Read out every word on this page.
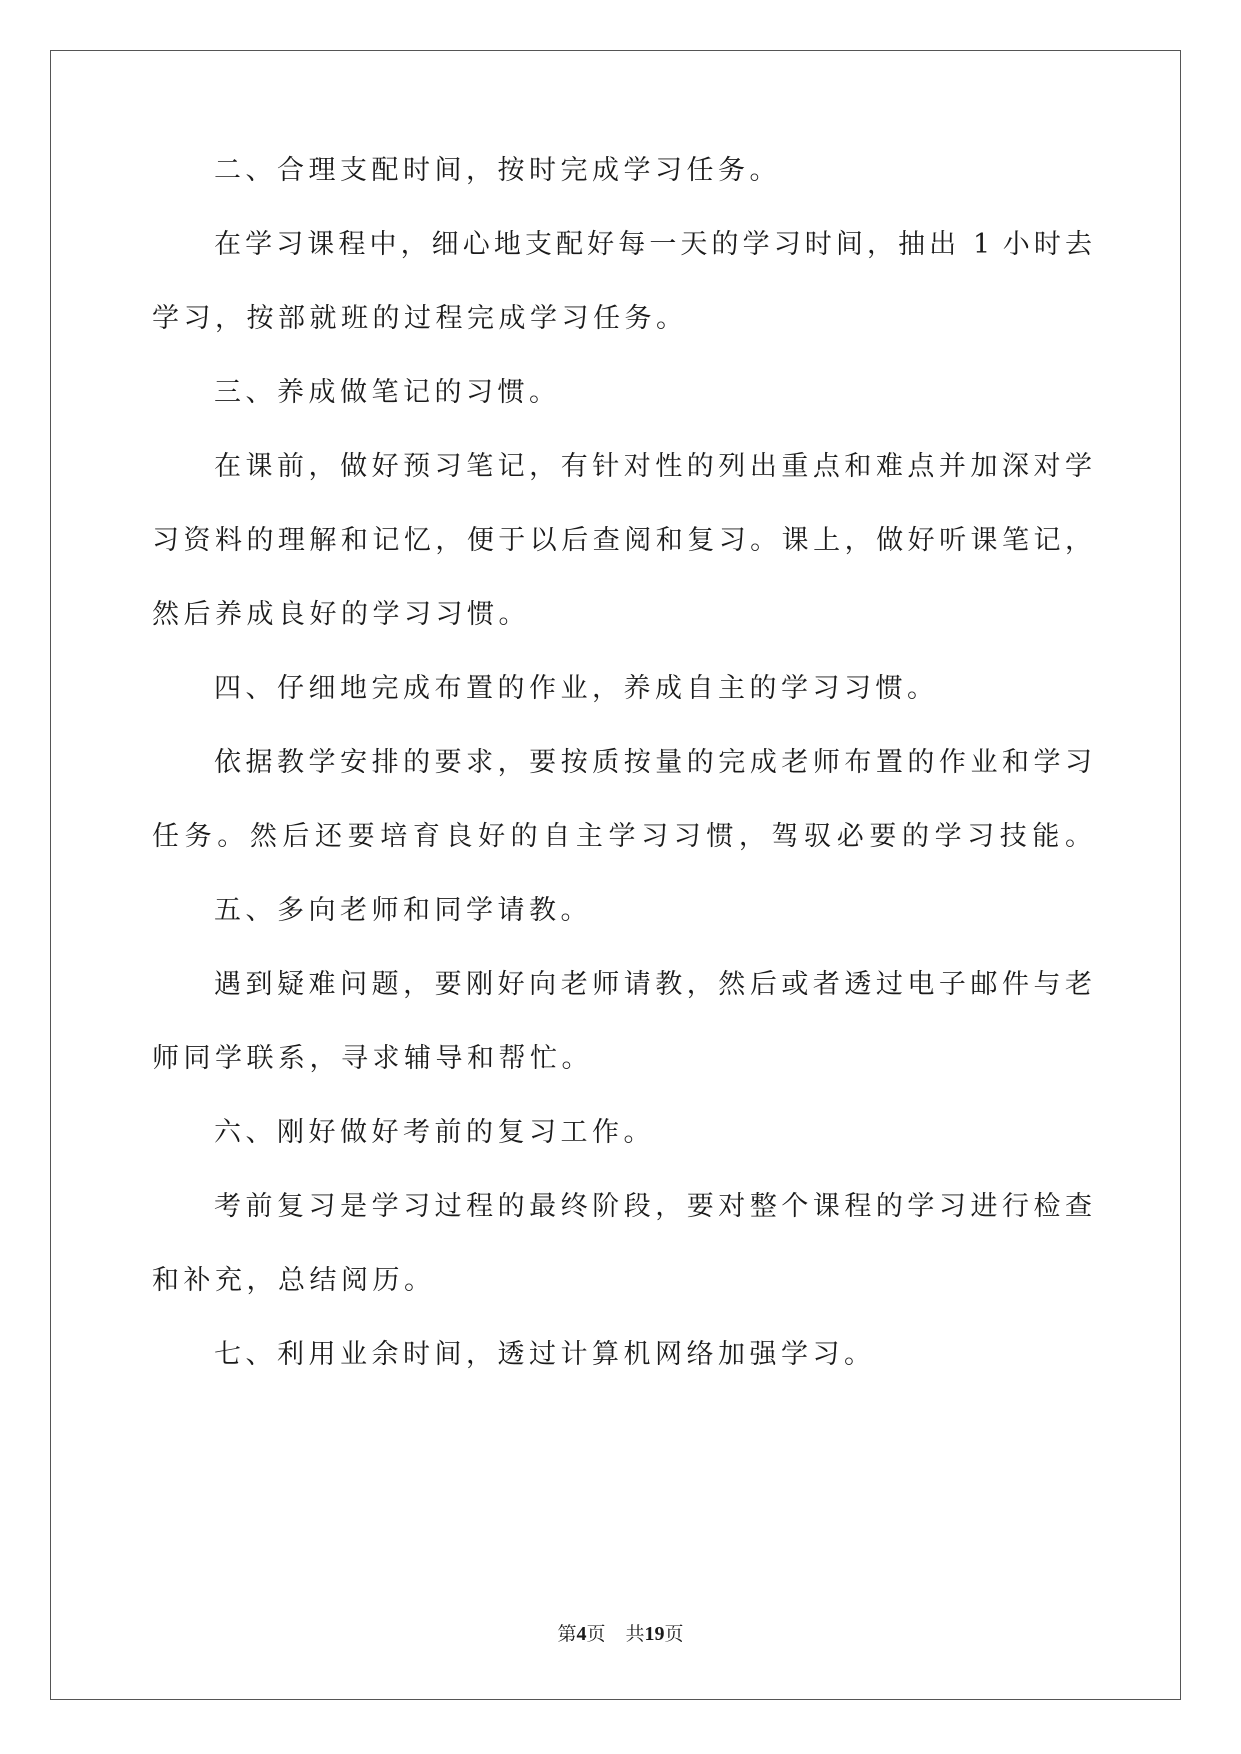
二、合理支配时间，按时完成学习任务。
在学习课程中，细心地支配好每一天的学习时间，抽出 1 小时去
学习，按部就班的过程完成学习任务。
三、养成做笔记的习惯。
在课前，做好预习笔记，有针对性的列出重点和难点并加深对学
习资料的理解和记忆，便于以后查阅和复习。课上，做好听课笔记，
然后养成良好的学习习惯。
四、仔细地完成布置的作业，养成自主的学习习惯。
依据教学安排的要求，要按质按量的完成老师布置的作业和学习
任务。然后还要培育良好的自主学习习惯，驾驭必要的学习技能。
五、多向老师和同学请教。
遇到疑难问题，要刚好向老师请教，然后或者透过电子邮件与老
师同学联系，寻求辅导和帮忙。
六、刚好做好考前的复习工作。
考前复习是学习过程的最终阶段，要对整个课程的学习进行检查
和补充，总结阅历。
七、利用业余时间，透过计算机网络加强学习。
第4页 共19页
